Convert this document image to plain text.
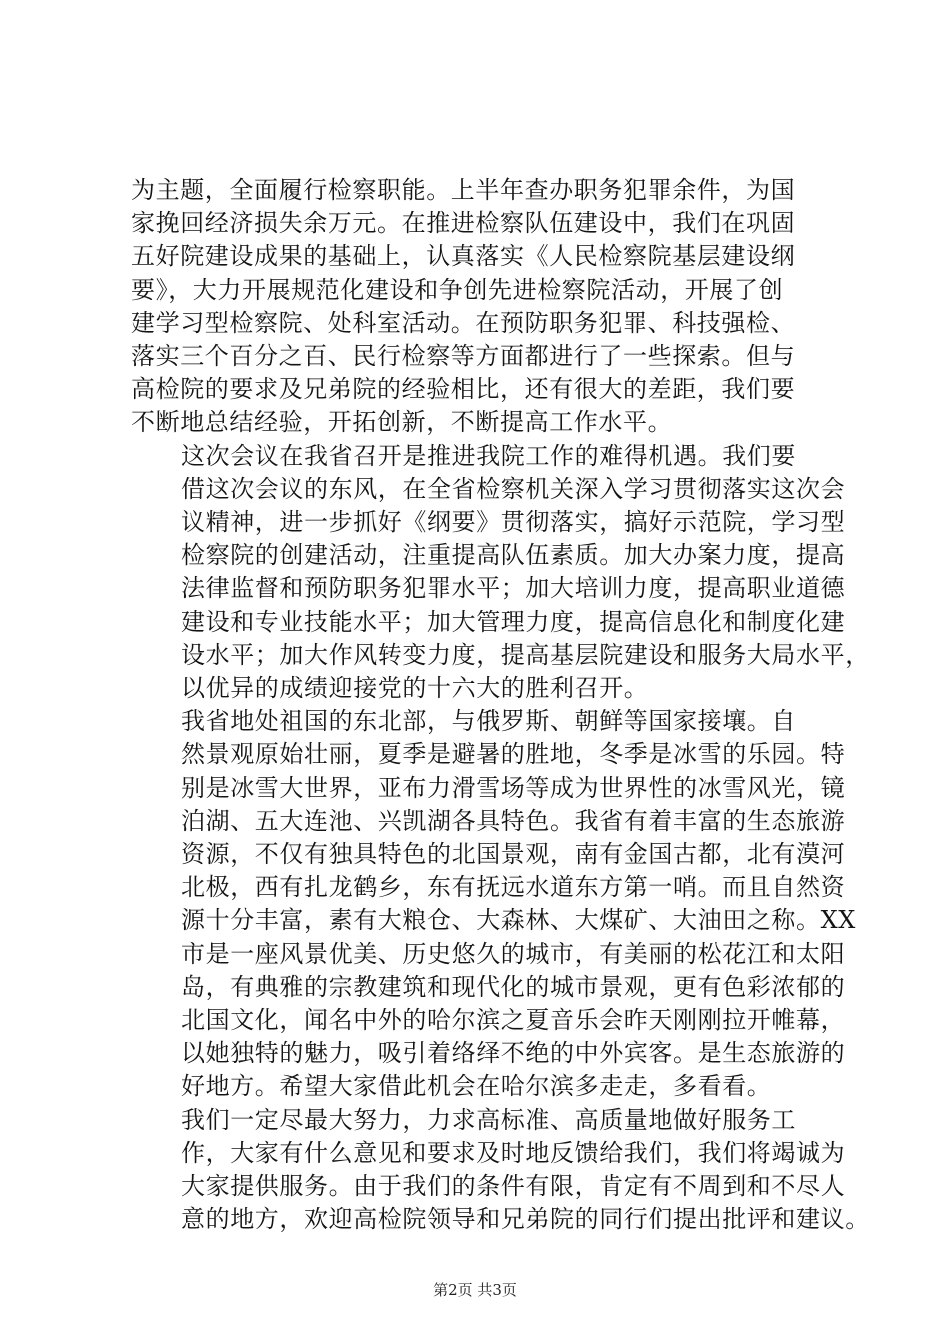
为主题，全面履行检察职能。上半年查办职务犯罪余件，为国
家挽回经济损失余万元。在推进检察队伍建设中，我们在巩固
五好院建设成果的基础上，认真落实《人民检察院基层建设纲
要》，大力开展规范化建设和争创先进检察院活动，开展了创
建学习型检察院、处科室活动。在预防职务犯罪、科技强检、
落实三个百分之百、民行检察等方面都进行了一些探索。但与
高检院的要求及兄弟院的经验相比，还有很大的差距，我们要
不断地总结经验，开拓创新，不断提高工作水平。
这次会议在我省召开是推进我院工作的难得机遇。我们要
借这次会议的东风，在全省检察机关深入学习贯彻落实这次会
议精神，进一步抓好《纲要》贯彻落实，搞好示范院，学习型
检察院的创建活动，注重提高队伍素质。加大办案力度，提高
法律监督和预防职务犯罪水平；加大培训力度，提高职业道德
建设和专业技能水平；加大管理力度，提高信息化和制度化建
设水平；加大作风转变力度，提高基层院建设和服务大局水平，
以优异的成绩迎接党的十六大的胜利召开。
我省地处祖国的东北部，与俄罗斯、朝鲜等国家接壤。自
然景观原始壮丽，夏季是避暑的胜地，冬季是冰雪的乐园。特
别是冰雪大世界，亚布力滑雪场等成为世界性的冰雪风光，镜
泊湖、五大连池、兴凯湖各具特色。我省有着丰富的生态旅游
资源，不仅有独具特色的北国景观，南有金国古都，北有漠河
北极，西有扎龙鹤乡，东有抚远水道东方第一哨。而且自然资
源十分丰富，素有大粮仓、大森林、大煤矿、大油田之称。XX
市是一座风景优美、历史悠久的城市，有美丽的松花江和太阳
岛，有典雅的宗教建筑和现代化的城市景观，更有色彩浓郁的
北国文化，闻名中外的哈尔滨之夏音乐会昨天刚刚拉开帷幕，
以她独特的魅力，吸引着络绎不绝的中外宾客。是生态旅游的
好地方。希望大家借此机会在哈尔滨多走走，多看看。
我们一定尽最大努力，力求高标准、高质量地做好服务工
作，大家有什么意见和要求及时地反馈给我们，我们将竭诚为
大家提供服务。由于我们的条件有限，肯定有不周到和不尽人
意的地方，欢迎高检院领导和兄弟院的同行们提出批评和建议。
第2页 共3页
